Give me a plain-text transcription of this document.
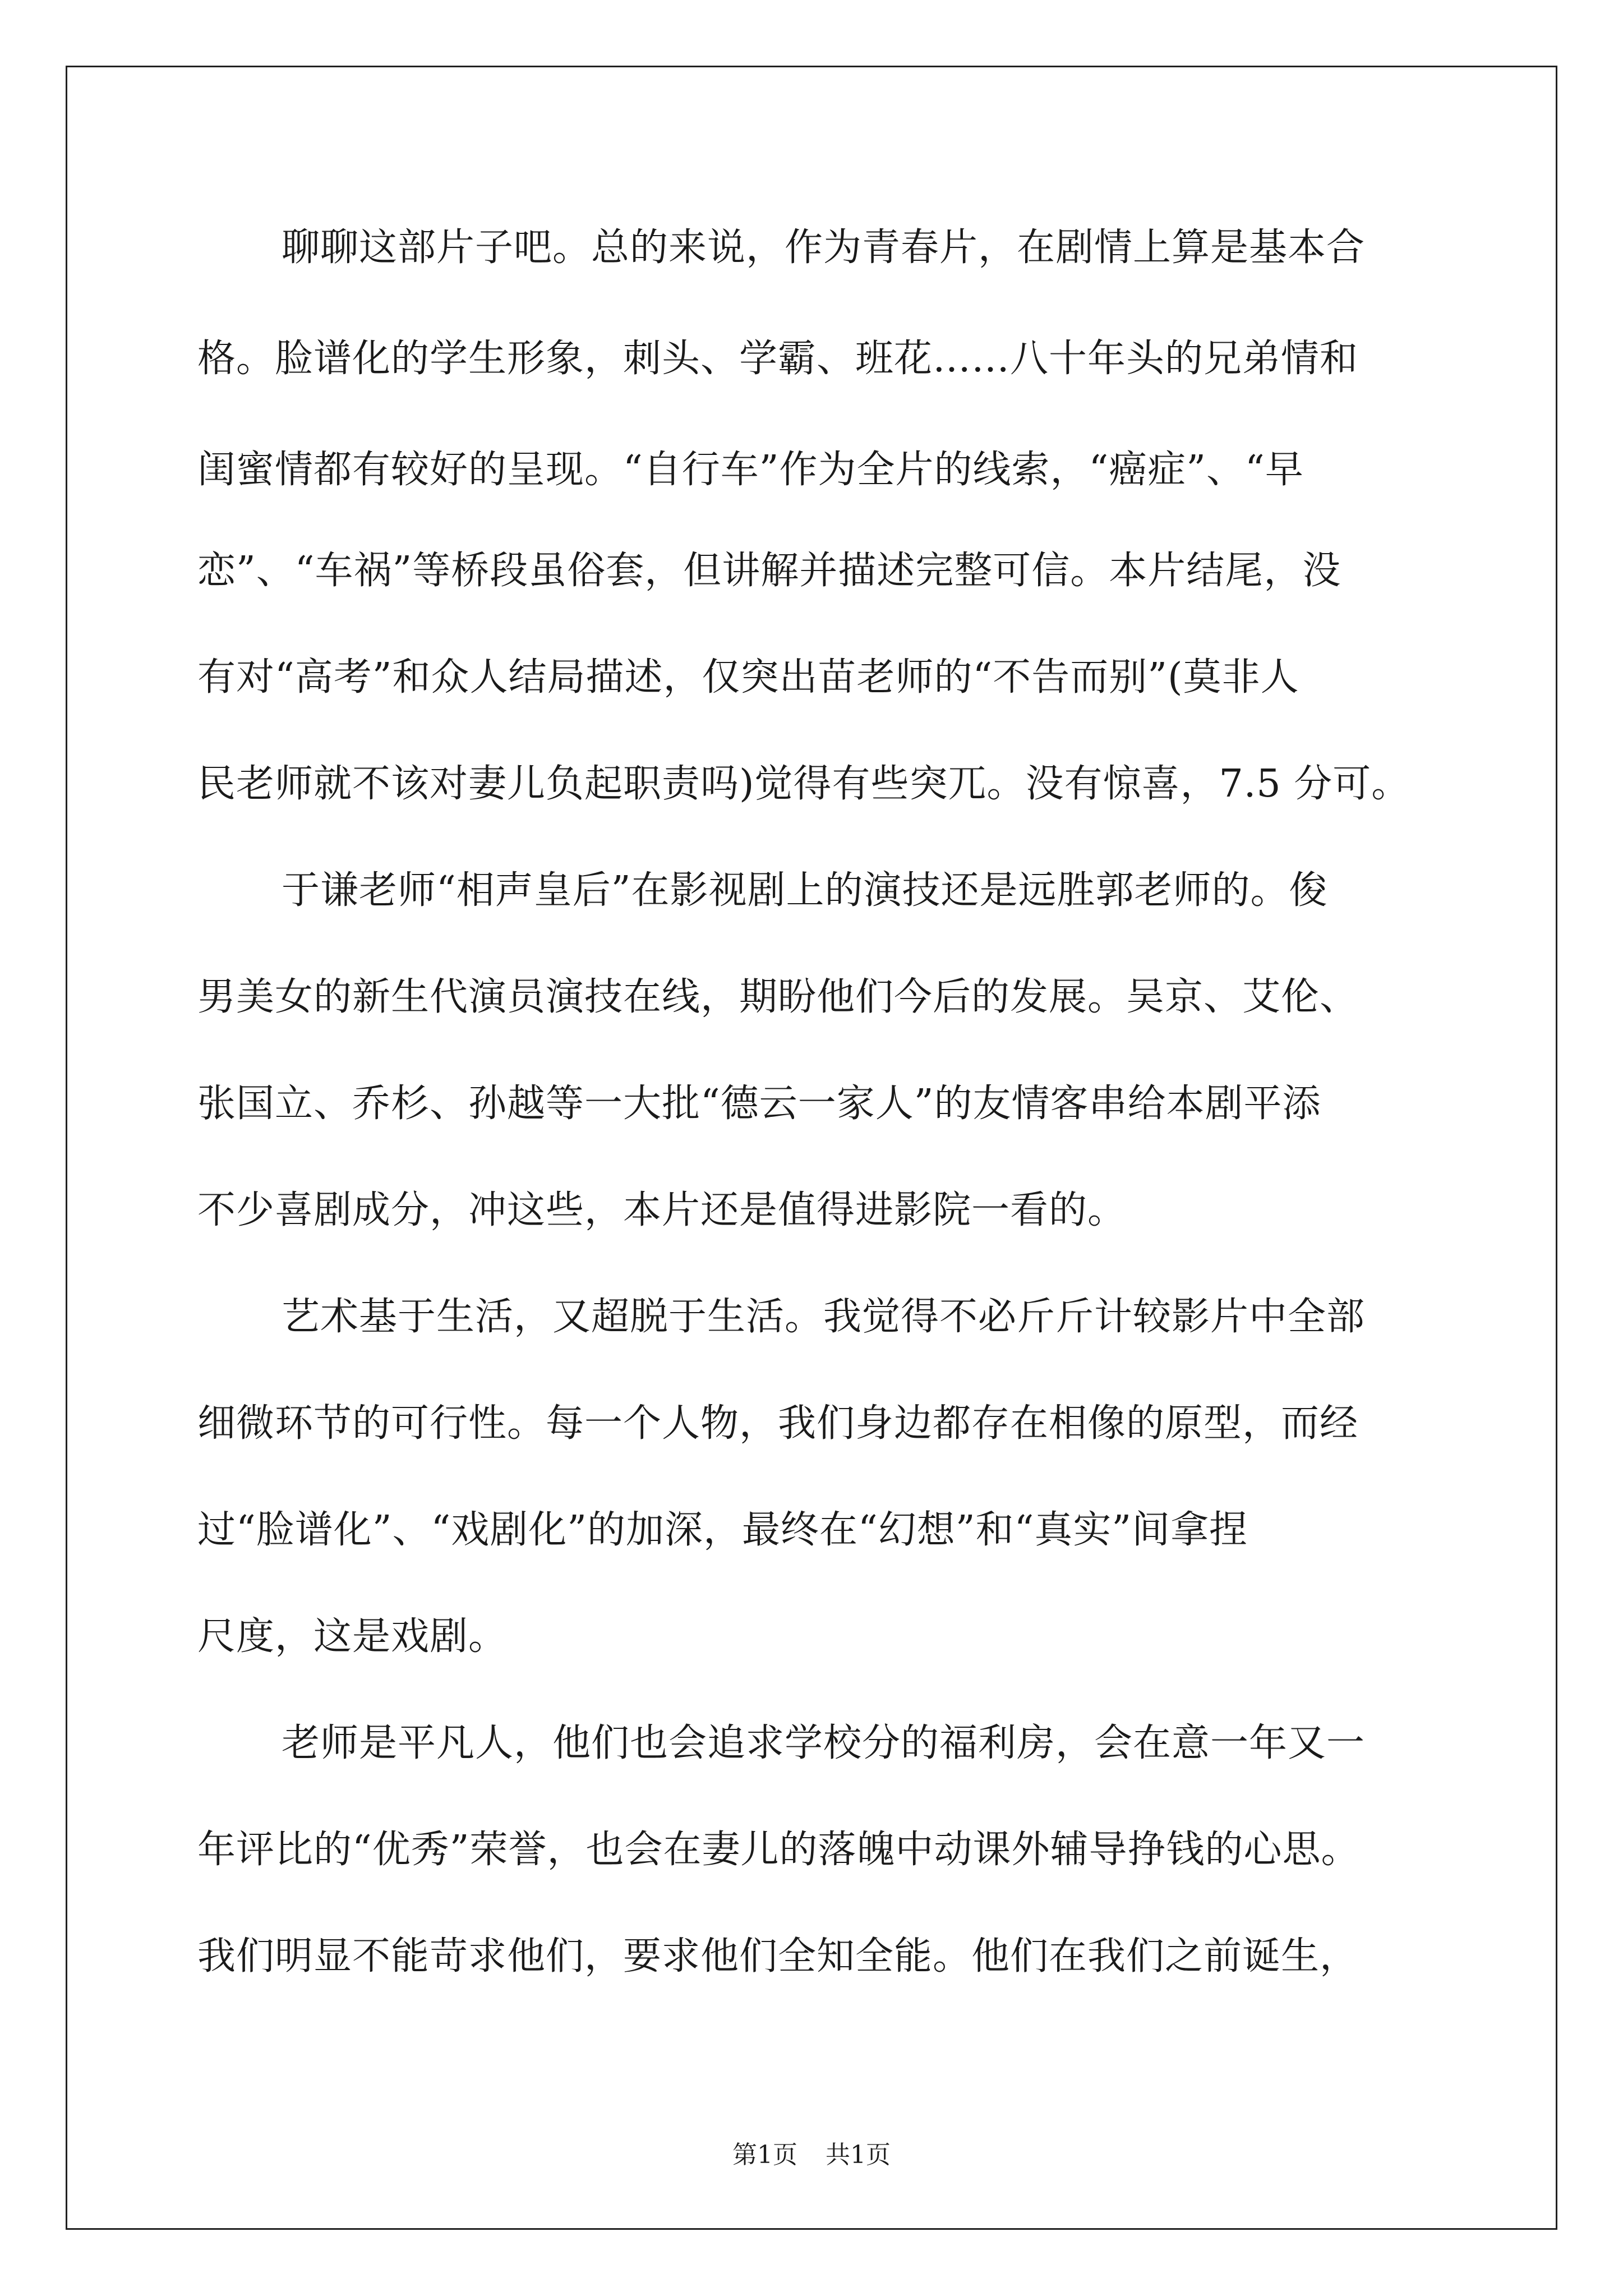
聊聊这部片子吧。总的来说，作为青春片，在剧情上算是基本合
格。脸谱化的学生形象，刺头、学霸、班花……八十年头的兄弟情和
闺蜜情都有较好的呈现。“自行车”作为全片的线索，“癌症”、“早
恋”、“车祸”等桥段虽俗套，但讲解并描述完整可信。本片结尾，没
有对“高考”和众人结局描述，仅突出苗老师的“不告而别”(莫非人
民老师就不该对妻儿负起职责吗)觉得有些突兀。没有惊喜，7.5 分可。
于谦老师“相声皇后”在影视剧上的演技还是远胜郭老师的。俊
男美女的新生代演员演技在线，期盼他们今后的发展。吴京、艾伦、
张国立、乔杉、孙越等一大批“德云一家人”的友情客串给本剧平添
不少喜剧成分，冲这些，本片还是值得进影院一看的。
艺术基于生活，又超脱于生活。我觉得不必斤斤计较影片中全部
细微环节的可行性。每一个人物，我们身边都存在相像的原型，而经
过“脸谱化”、“戏剧化”的加深，最终在“幻想”和“真实”间拿捏
尺度，这是戏剧。
老师是平凡人，他们也会追求学校分的福利房，会在意一年又一
年评比的“优秀”荣誉，也会在妻儿的落魄中动课外辅导挣钱的心思。
我们明显不能苛求他们，要求他们全知全能。他们在我们之前诞生，
第1页 共1页
